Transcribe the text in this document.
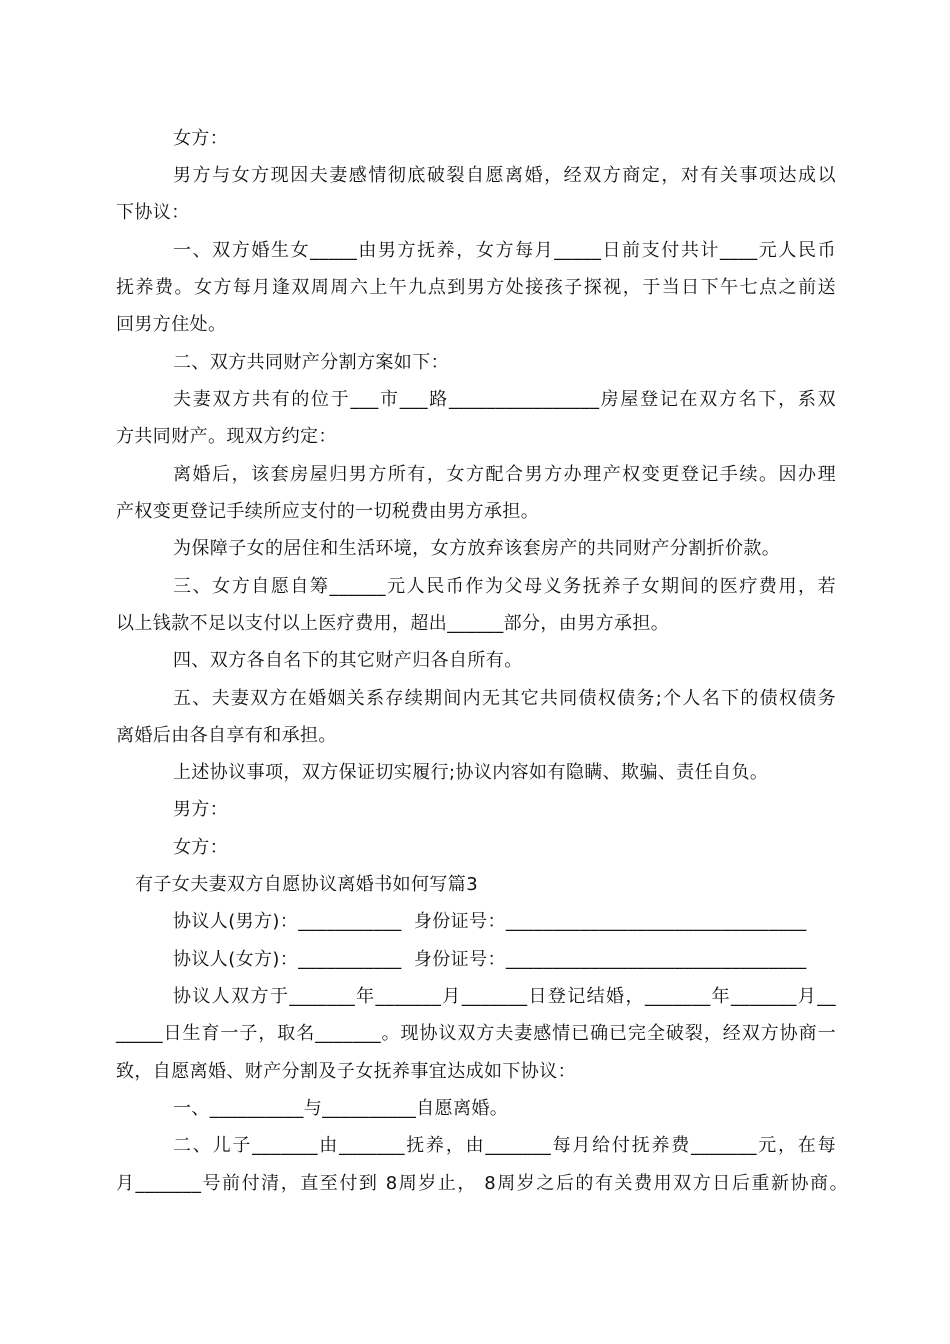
女方：
男方与女方现因夫妻感情彻底破裂自愿离婚，经双方商定，对有关事项达成以
下协议：
一、双方婚生女_____由男方抚养，女方每月_____日前支付共计____元人民币
抚养费。女方每月逢双周周六上午九点到男方处接孩子探视，于当日下午七点之前送
回男方住处。
二、双方共同财产分割方案如下：
夫妻双方共有的位于___市___路________________房屋登记在双方名下，系双
方共同财产。现双方约定：
离婚后，该套房屋归男方所有，女方配合男方办理产权变更登记手续。因办理
产权变更登记手续所应支付的一切税费由男方承担。
为保障子女的居住和生活环境，女方放弃该套房产的共同财产分割折价款。
三、女方自愿自筹______元人民币作为父母义务抚养子女期间的医疗费用，若
以上钱款不足以支付以上医疗费用，超出______部分，由男方承担。
四、双方各自名下的其它财产归各自所有。
五、夫妻双方在婚姻关系存续期间内无其它共同债权债务;个人名下的债权债务
离婚后由各自享有和承担。
上述协议事项，双方保证切实履行;协议内容如有隐瞒、欺骗、责任自负。
男方：
女方：
有子女夫妻双方自愿协议离婚书如何写篇3
协议人(男方)：___________  身份证号：________________________________
协议人(女方)：___________  身份证号：________________________________
协议人双方于_______年_______月_______日登记结婚，_______年_______月__
_____日生育一子，取名_______。现协议双方夫妻感情已确已完全破裂，经双方协商一
致，自愿离婚、财产分割及子女抚养事宜达成如下协议：
一、__________与__________自愿离婚。
二、儿子_______由_______抚养，由_______每月给付抚养费_______元，在每
月_______号前付清，直至付到 8周岁止， 8周岁之后的有关费用双方日后重新协商。
